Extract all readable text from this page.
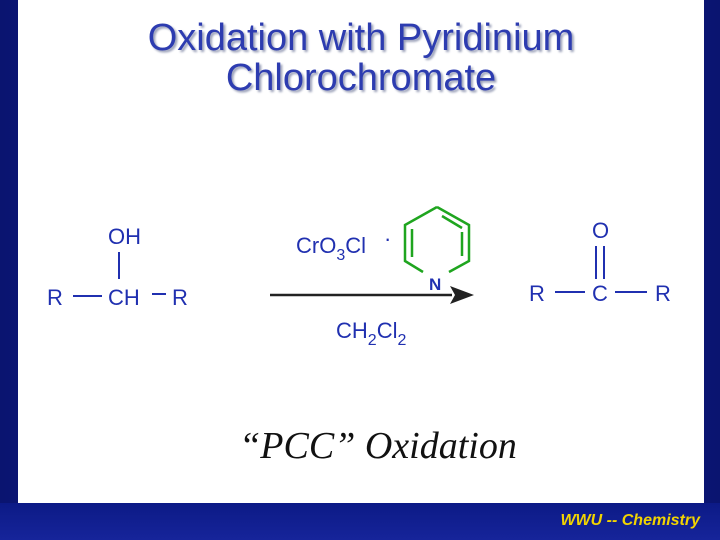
Oxidation with Pyridinium
Chlorochromate
OH
R CH R
CrO$_3$Cl ·
N
$CH_2Cl_2$
O
R C R
“PCC” Oxidation
WWU -- Chemistry
